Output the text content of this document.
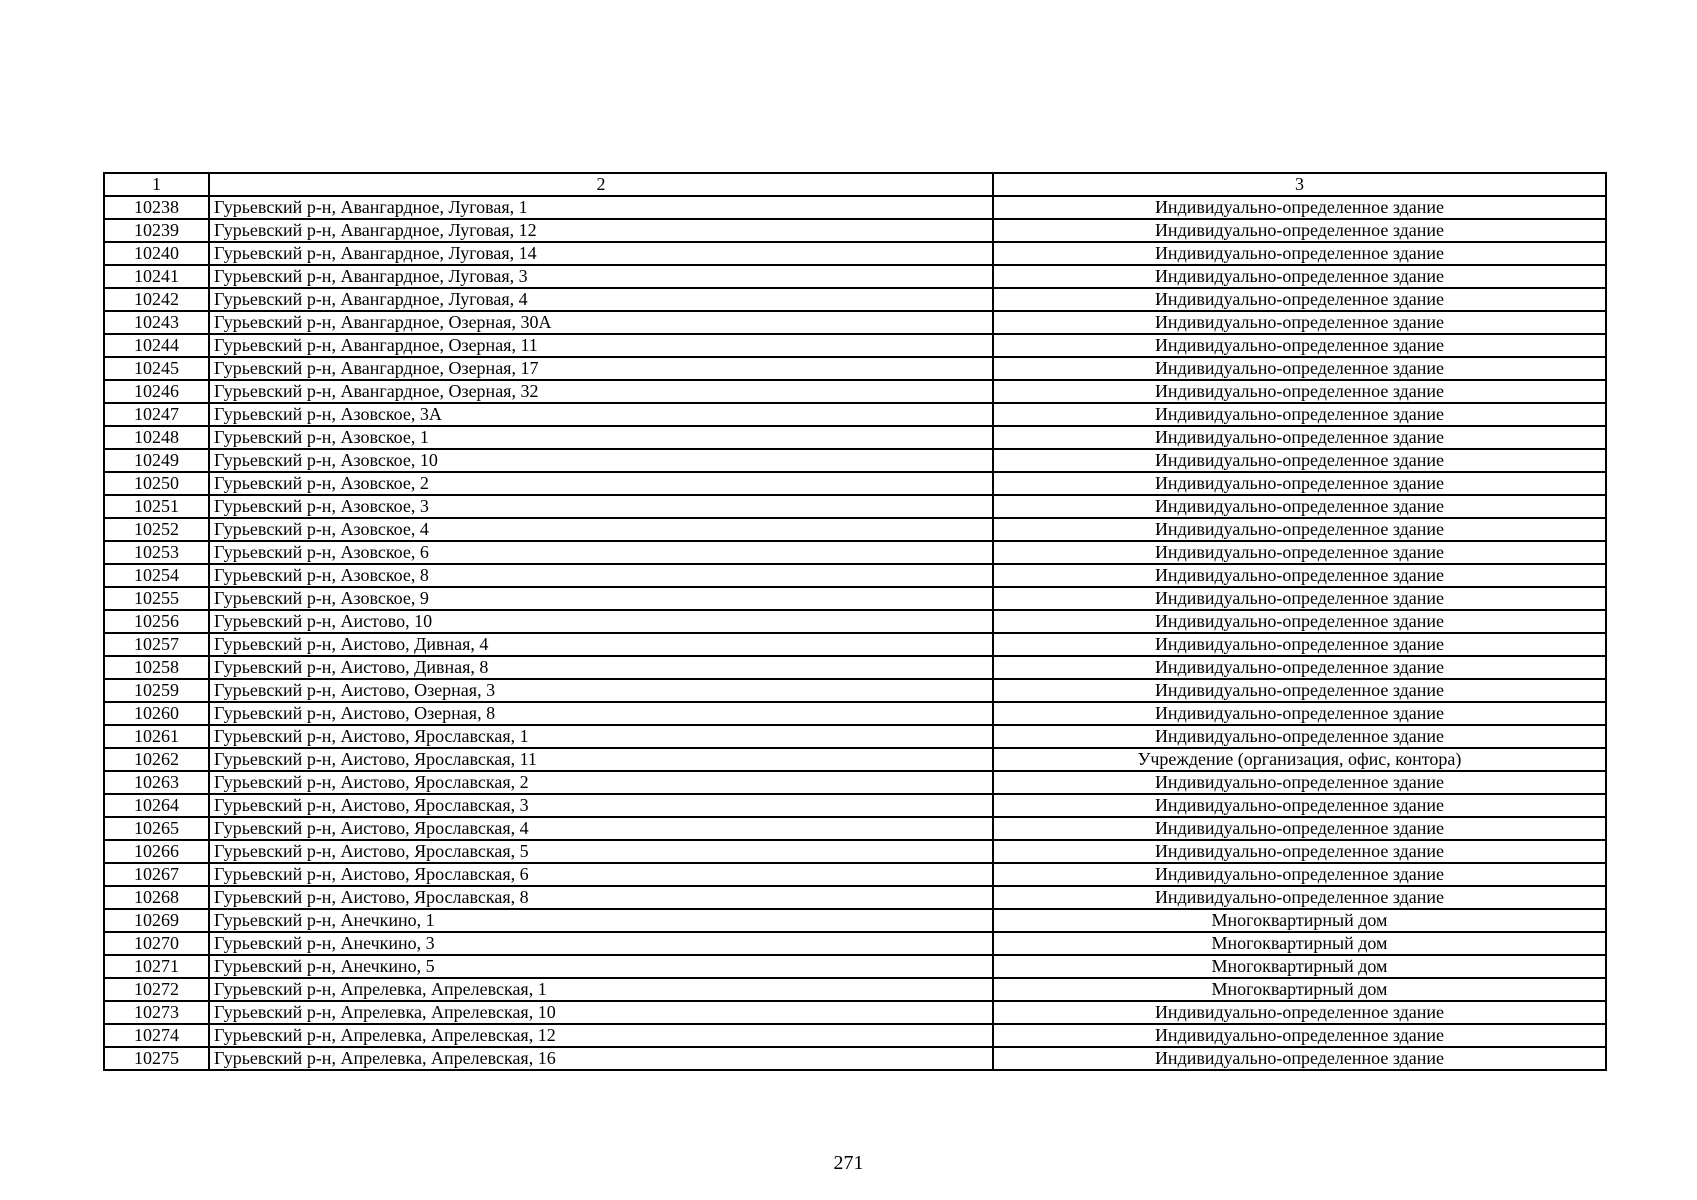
1	2	3
10238	Гурьевский р-н, Авангардное, Луговая, 1	Индивидуально-определенное здание
10239	Гурьевский р-н, Авангардное, Луговая, 12	Индивидуально-определенное здание
10240	Гурьевский р-н, Авангардное, Луговая, 14	Индивидуально-определенное здание
10241	Гурьевский р-н, Авангардное, Луговая, 3	Индивидуально-определенное здание
10242	Гурьевский р-н, Авангардное, Луговая, 4	Индивидуально-определенное здание
10243	Гурьевский р-н, Авангардное, Озерная, 30А	Индивидуально-определенное здание
10244	Гурьевский р-н, Авангардное, Озерная, 11	Индивидуально-определенное здание
10245	Гурьевский р-н, Авангардное, Озерная, 17	Индивидуально-определенное здание
10246	Гурьевский р-н, Авангардное, Озерная, 32	Индивидуально-определенное здание
10247	Гурьевский р-н, Азовское, 3А	Индивидуально-определенное здание
10248	Гурьевский р-н, Азовское, 1	Индивидуально-определенное здание
10249	Гурьевский р-н, Азовское, 10	Индивидуально-определенное здание
10250	Гурьевский р-н, Азовское, 2	Индивидуально-определенное здание
10251	Гурьевский р-н, Азовское, 3	Индивидуально-определенное здание
10252	Гурьевский р-н, Азовское, 4	Индивидуально-определенное здание
10253	Гурьевский р-н, Азовское, 6	Индивидуально-определенное здание
10254	Гурьевский р-н, Азовское, 8	Индивидуально-определенное здание
10255	Гурьевский р-н, Азовское, 9	Индивидуально-определенное здание
10256	Гурьевский р-н, Аистово, 10	Индивидуально-определенное здание
10257	Гурьевский р-н, Аистово, Дивная, 4	Индивидуально-определенное здание
10258	Гурьевский р-н, Аистово, Дивная, 8	Индивидуально-определенное здание
10259	Гурьевский р-н, Аистово, Озерная, 3	Индивидуально-определенное здание
10260	Гурьевский р-н, Аистово, Озерная, 8	Индивидуально-определенное здание
10261	Гурьевский р-н, Аистово, Ярославская, 1	Индивидуально-определенное здание
10262	Гурьевский р-н, Аистово, Ярославская, 11	Учреждение (организация, офис, контора)
10263	Гурьевский р-н, Аистово, Ярославская, 2	Индивидуально-определенное здание
10264	Гурьевский р-н, Аистово, Ярославская, 3	Индивидуально-определенное здание
10265	Гурьевский р-н, Аистово, Ярославская, 4	Индивидуально-определенное здание
10266	Гурьевский р-н, Аистово, Ярославская, 5	Индивидуально-определенное здание
10267	Гурьевский р-н, Аистово, Ярославская, 6	Индивидуально-определенное здание
10268	Гурьевский р-н, Аистово, Ярославская, 8	Индивидуально-определенное здание
10269	Гурьевский р-н, Анечкино, 1	Многоквартирный дом
10270	Гурьевский р-н, Анечкино, 3	Многоквартирный дом
10271	Гурьевский р-н, Анечкино, 5	Многоквартирный дом
10272	Гурьевский р-н, Апрелевка, Апрелевская, 1	Многоквартирный дом
10273	Гурьевский р-н, Апрелевка, Апрелевская, 10	Индивидуально-определенное здание
10274	Гурьевский р-н, Апрелевка, Апрелевская, 12	Индивидуально-определенное здание
10275	Гурьевский р-н, Апрелевка, Апрелевская, 16	Индивидуально-определенное здание
271
